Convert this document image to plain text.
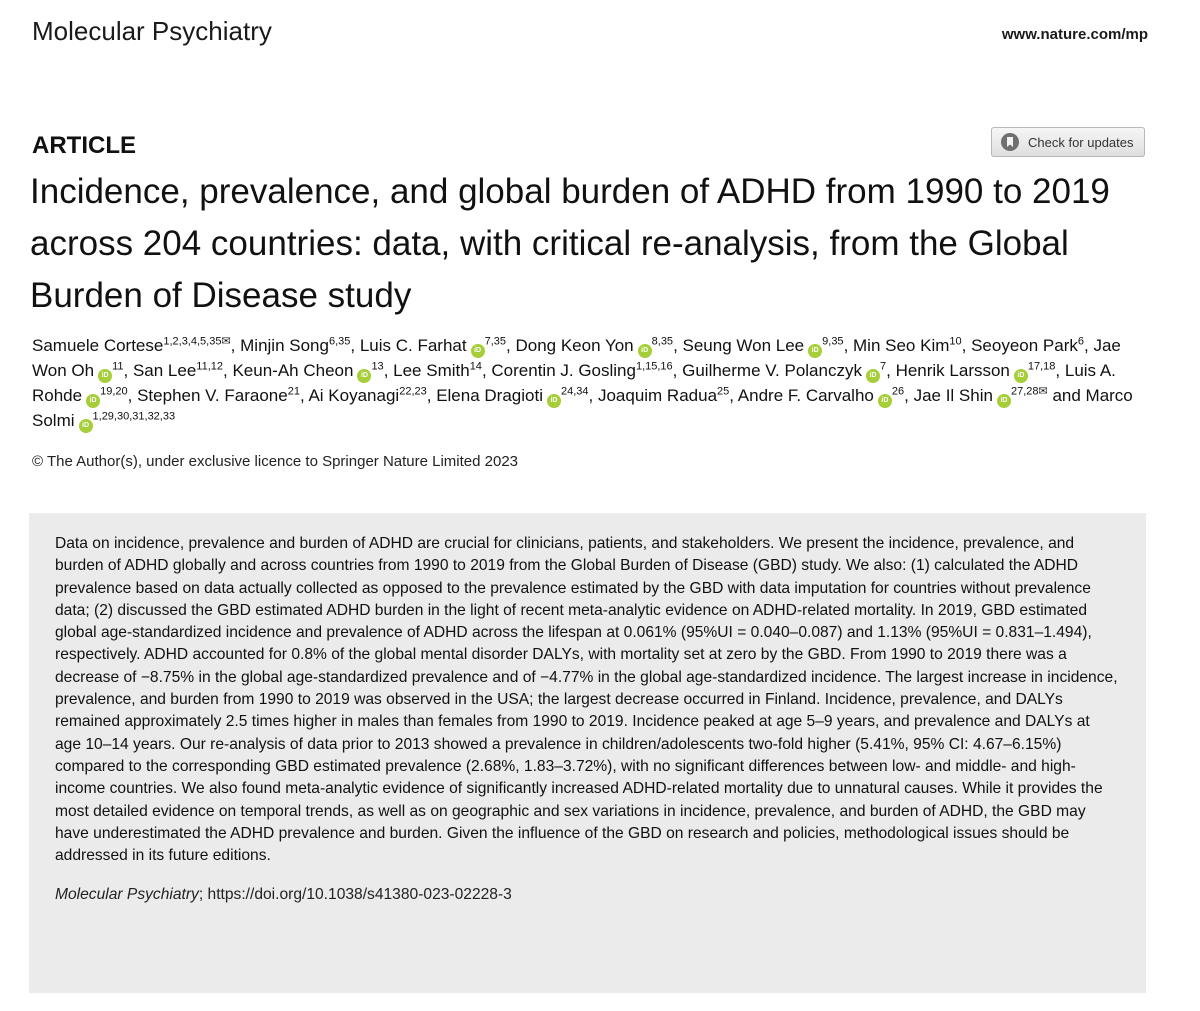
Molecular Psychiatry	www.nature.com/mp
ARTICLE	Check for updates
Incidence, prevalence, and global burden of ADHD from 1990 to 2019 across 204 countries: data, with critical re-analysis, from the Global Burden of Disease study
Samuele Cortese$^{1,2,3,4,5,35✉}$, Minjin Song$^{6,35}$, Luis C. Farhat iD$^{7,35}$, Dong Keon Yon iD$^{8,35}$, Seung Won Lee iD$^{9,35}$, Min Seo Kim$^{10}$, Seoyeon Park$^6$, Jae Won Oh $iD^{11}$, San Lee$^{11,12}$, Keun-Ah Cheon $iD^{13}$, Lee Smith$^{14}$, Corentin J. Gosling$^{1,15,16}$, Guilherme V. Polanczyk $iD^7$, Henrik Larsson iD$^{17,18}$, Luis A. Rohde iD$^{19,20}$, Stephen V. Faraone$^{21}$, Ai Koyanagi$^{22,23}$, Elena Dragioti iD$^{24,34}$, Joaquim Radua$^{25}$, Andre F. Carvalho $iD^{26}$, Jae Il Shin $iD^{27,28✉}$ and Marco Solmi iD$^{1,29,30,31,32,33}$
© The Author(s), under exclusive licence to Springer Nature Limited 2023

Data on incidence, prevalence and burden of ADHD are crucial for clinicians, patients, and stakeholders. We present the incidence, prevalence, and burden of ADHD globally and across countries from 1990 to 2019 from the Global Burden of Disease (GBD) study. We also: (1) calculated the ADHD prevalence based on data actually collected as opposed to the prevalence estimated by the GBD with data imputation for countries without prevalence data; (2) discussed the GBD estimated ADHD burden in the light of recent meta-analytic evidence on ADHD-related mortality. In 2019, GBD estimated global age-standardized incidence and prevalence of ADHD across the lifespan at 0.061% (95%UI = 0.040–0.087) and 1.13% (95%UI = 0.831–1.494), respectively. ADHD accounted for 0.8% of the global mental disorder DALYs, with mortality set at zero by the GBD. From 1990 to 2019 there was a decrease of −8.75% in the global age-standardized prevalence and of −4.77% in the global age-standardized incidence. The largest increase in incidence, prevalence, and burden from 1990 to 2019 was observed in the USA; the largest decrease occurred in Finland. Incidence, prevalence, and DALYs remained approximately 2.5 times higher in males than females from 1990 to 2019. Incidence peaked at age 5–9 years, and prevalence and DALYs at age 10–14 years. Our re-analysis of data prior to 2013 showed a prevalence in children/adolescents two-fold higher (5.41%, 95% CI: 4.67–6.15%) compared to the corresponding GBD estimated prevalence (2.68%, 1.83–3.72%), with no significant differences between low- and middle- and high-income countries. We also found meta-analytic evidence of significantly increased ADHD-related mortality due to unnatural causes. While it provides the most detailed evidence on temporal trends, as well as on geographic and sex variations in incidence, prevalence, and burden of ADHD, the GBD may have underestimated the ADHD prevalence and burden. Given the influence of the GBD on research and policies, methodological issues should be addressed in its future editions.

Molecular Psychiatry; https://doi.org/10.1038/s41380-023-02228-3
